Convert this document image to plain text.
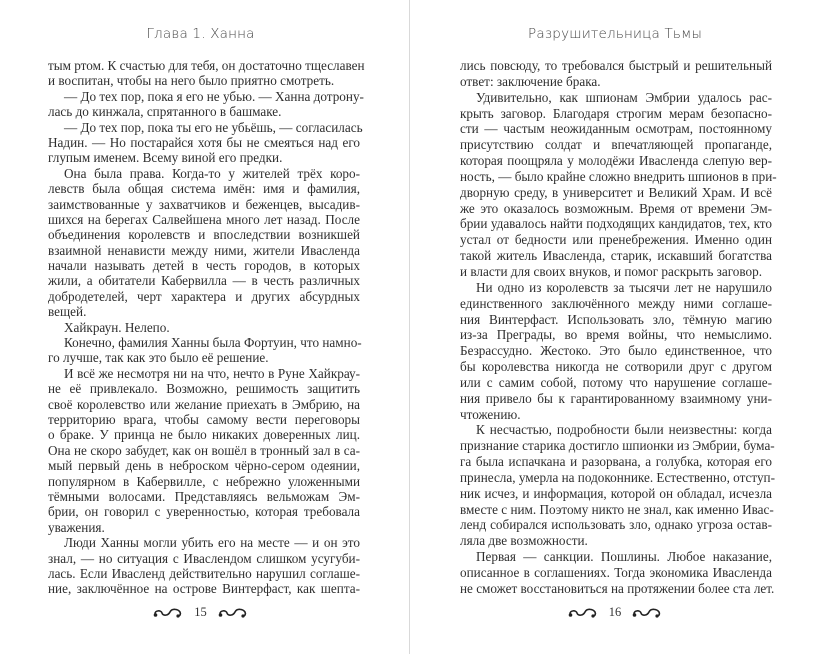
Глава 1. Ханна
тым ртом. К счастью для тебя, он достаточно тщеславен
и воспитан, чтобы на него было приятно смотреть.
— До тех пор, пока я его не убью. — Ханна дотрону-
лась до кинжала, спрятанного в башмаке.
— До тех пор, пока ты его не убьёшь, — согласилась
Надин. — Но постарайся хотя бы не смеяться над его
глупым именем. Всему виной его предки.
Она была права. Когда-то у жителей трёх коро-
левств была общая система имён: имя и фамилия,
заимствованные у захватчиков и беженцев, высадив-
шихся на берегах Салвейшена много лет назад. После
объединения королевств и впоследствии возникшей
взаимной ненависти между ними, жители Ивасленда
начали называть детей в честь городов, в которых
жили, а обитатели Кабервилла — в честь различных
добродетелей, черт характера и других абсурдных
вещей.
Хайкраун. Нелепо.
Конечно, фамилия Ханны была Фортуин, что намно-
го лучше, так как это было её решение.
И всё же несмотря ни на что, нечто в Руне Хайкрау-
не её привлекало. Возможно, решимость защитить
своё королевство или желание приехать в Эмбрию, на
территорию врага, чтобы самому вести переговоры
о браке. У принца не было никаких доверенных лиц.
Она не скоро забудет, как он вошёл в тронный зал в са-
мый первый день в неброском чёрно-сером одеянии,
популярном в Кабервилле, с небрежно уложенными
тёмными волосами. Представляясь вельможам Эм-
брии, он говорил с уверенностью, которая требовала
уважения.
Люди Ханны могли убить его на месте — и он это
знал, — но ситуация с Иваслендом слишком усугуби-
лась. Если Ивасленд действительно нарушил соглаше-
ние, заключённое на острове Винтерфаст, как шепта-
15
Разрушительница Тьмы
лись повсюду, то требовался быстрый и решительный
ответ: заключение брака.
Удивительно, как шпионам Эмбрии удалось рас-
крыть заговор. Благодаря строгим мерам безопасно-
сти — частым неожиданным осмотрам, постоянному
присутствию солдат и впечатляющей пропаганде,
которая поощряла у молодёжи Ивасленда слепую вер-
ность, — было крайне сложно внедрить шпионов в при-
дворную среду, в университет и Великий Храм. И всё
же это оказалось возможным. Время от времени Эм-
брии удавалось найти подходящих кандидатов, тех, кто
устал от бедности или пренебрежения. Именно один
такой житель Ивасленда, старик, искавший богатства
и власти для своих внуков, и помог раскрыть заговор.
Ни одно из королевств за тысячи лет не нарушило
единственного заключённого между ними соглаше-
ния Винтерфаст. Использовать зло, тёмную магию
из-за Преграды, во время войны, что немыслимо.
Безрассудно. Жестоко. Это было единственное, что
бы королевства никогда не сотворили друг с другом
или с самим собой, потому что нарушение соглаше-
ния привело бы к гарантированному взаимному уни-
чтожению.
К несчастью, подробности были неизвестны: когда
признание старика достигло шпионки из Эмбрии, бума-
га была испачкана и разорвана, а голубка, которая его
принесла, умерла на подоконнике. Естественно, отступ-
ник исчез, и информация, которой он обладал, исчезла
вместе с ним. Поэтому никто не знал, как именно Ивас-
ленд собирался использовать зло, однако угроза остав-
ляла две возможности.
Первая — санкции. Пошлины. Любое наказание,
описанное в соглашениях. Тогда экономика Ивасленда
не сможет восстановиться на протяжении более ста лет.
16
